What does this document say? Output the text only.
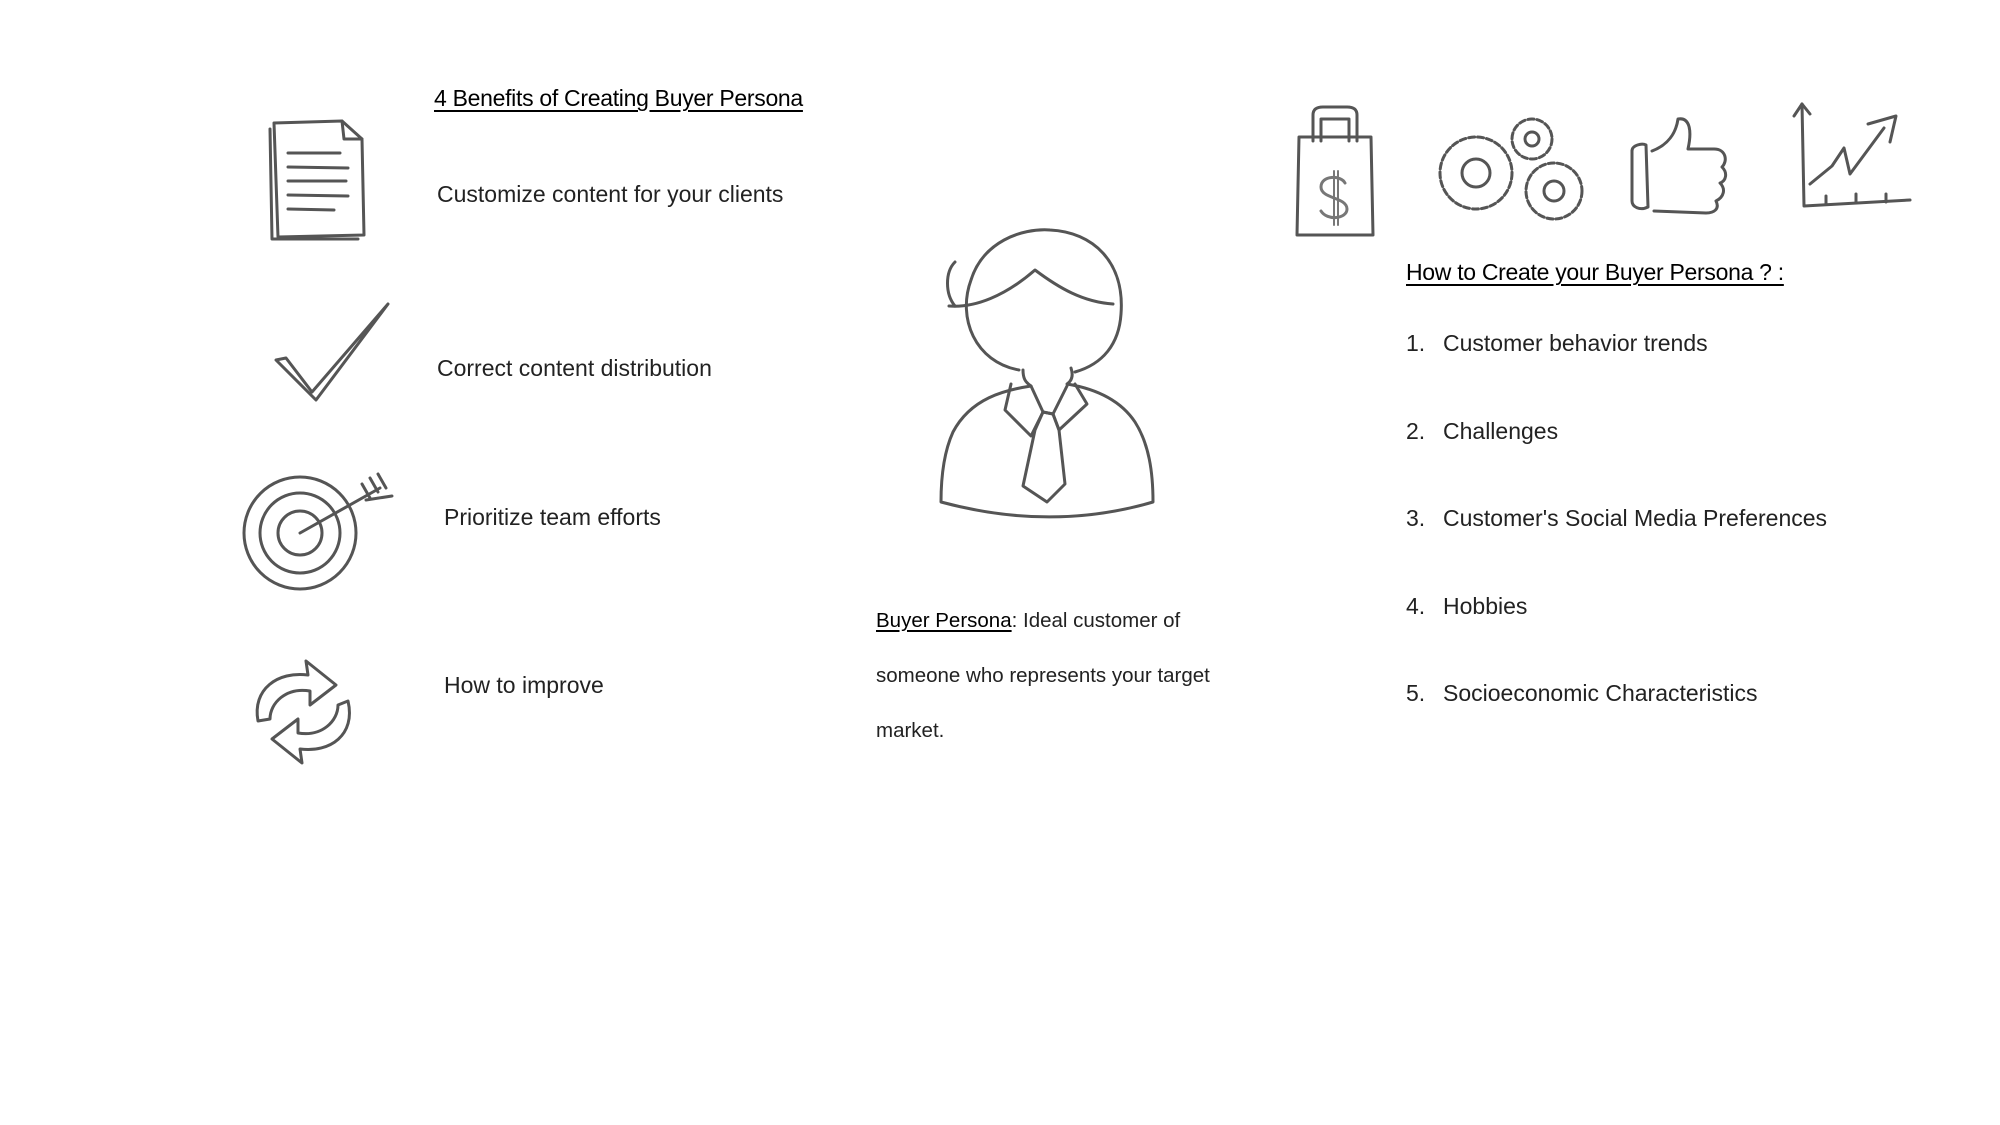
4 Benefits of Creating Buyer Persona
Customize content for your clients
Correct content distribution
Prioritize team efforts
How to improve
Buyer Persona: Ideal customer of someone who represents your target market.
How to Create your Buyer Persona ? :
1. Customer behavior trends
2. Challenges
3. Customer's Social Media Preferences
4. Hobbies
5. Socioeconomic Characteristics
